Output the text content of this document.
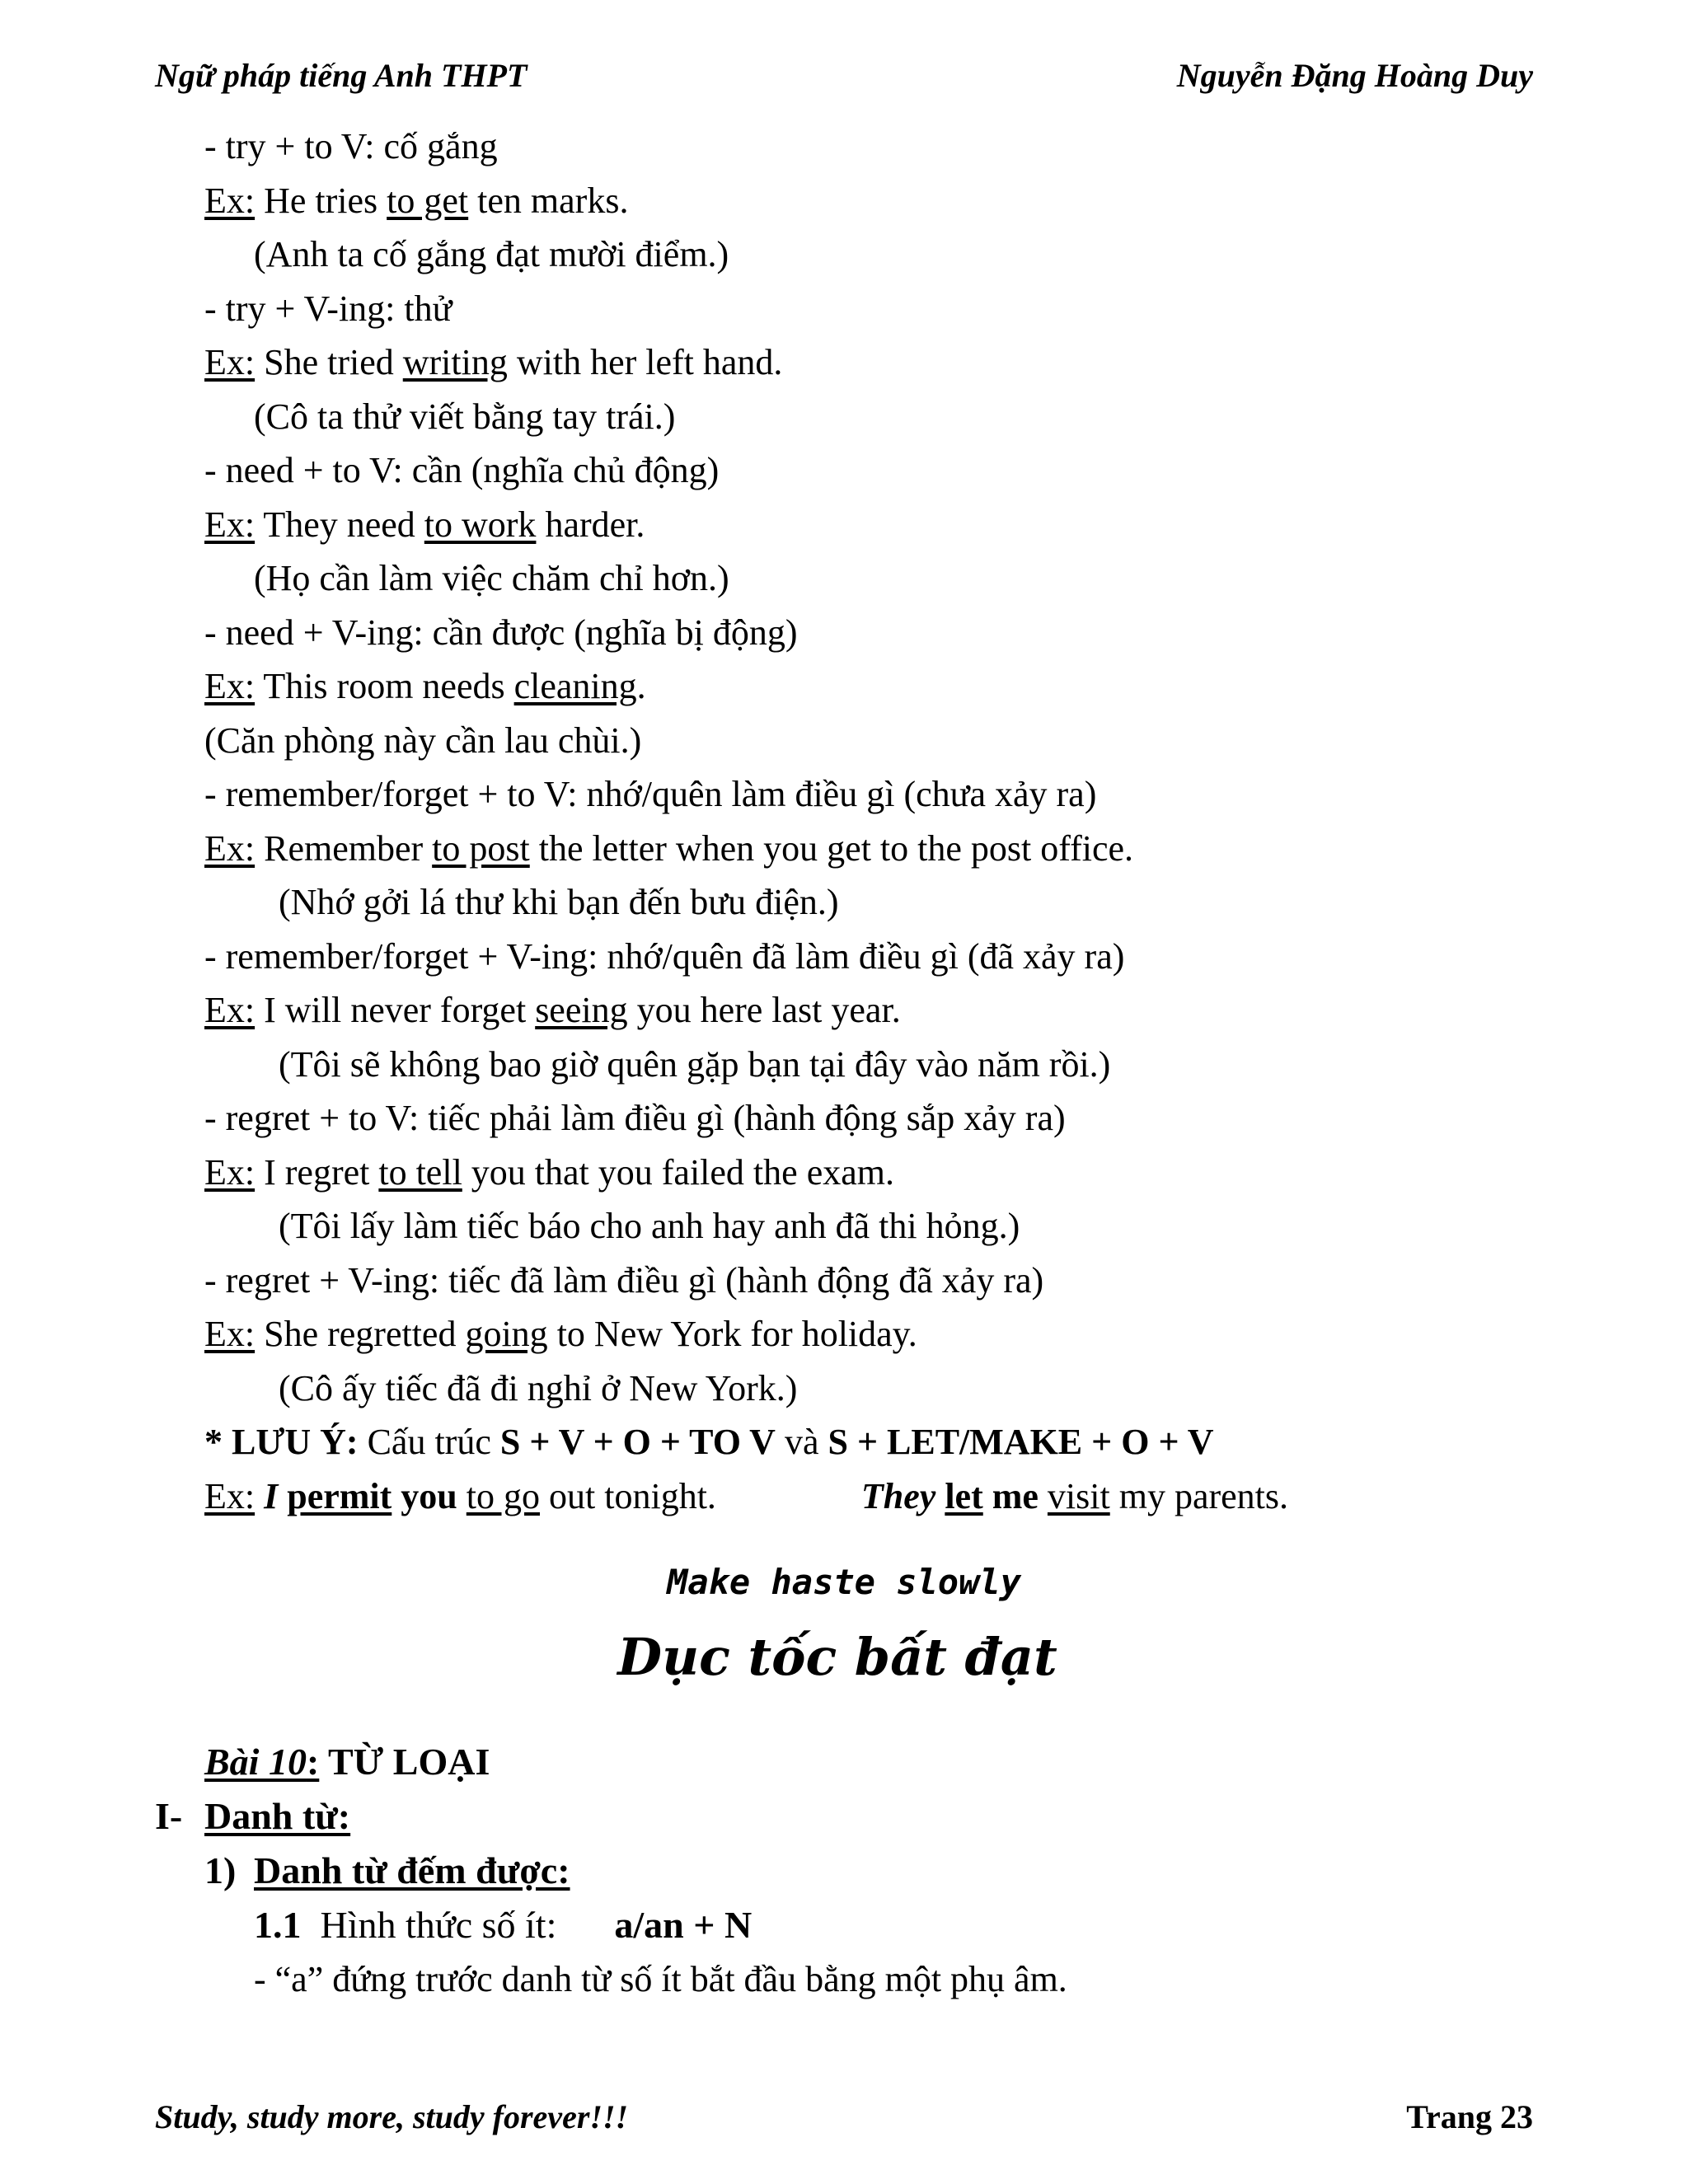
Ngữ pháp tiếng Anh THPT	Nguyễn Đặng Hoàng Duy
- try + to V: cố gắng
Ex: He tries to get ten marks.
(Anh ta cố gắng đạt mười điểm.)
- try + V-ing: thử
Ex: She tried writing with her left hand.
(Cô ta thử viết bằng tay trái.)
- need + to V: cần (nghĩa chủ động)
Ex: They need to work harder.
(Họ cần làm việc chăm chỉ hơn.)
- need + V-ing: cần được (nghĩa bị động)
Ex: This room needs cleaning.
(Căn phòng này cần lau chùi.)
- remember/forget + to V: nhớ/quên làm điều gì (chưa xảy ra)
Ex: Remember to post the letter when you get to the post office.
(Nhớ gởi lá thư khi bạn đến bưu điện.)
- remember/forget + V-ing: nhớ/quên đã làm điều gì (đã xảy ra)
Ex: I will never forget seeing you here last year.
(Tôi sẽ không bao giờ quên gặp bạn tại đây vào năm rồi.)
- regret + to V: tiếc phải làm điều gì (hành động sắp xảy ra)
Ex: I regret to tell you that you failed the exam.
(Tôi lấy làm tiếc báo cho anh hay anh đã thi hỏng.)
- regret + V-ing: tiếc đã làm điều gì (hành động đã xảy ra)
Ex: She regretted going to New York for holiday.
(Cô ấy tiếc đã đi nghỉ ở New York.)
* LƯU Ý: Cấu trúc S + V + O + TO V và S + LET/MAKE + O + V
Ex: I permit you to go out tonight.	They let me visit my parents.
Make haste slowly
Dục tốc bất đạt
Bài 10: TỪ LOẠI
I- Danh từ:
1) Danh từ đếm được:
1.1 Hình thức số ít: a/an + N
- “a” đứng trước danh từ số ít bắt đầu bằng một phụ âm.
Study, study more, study forever!!!	Trang 23
